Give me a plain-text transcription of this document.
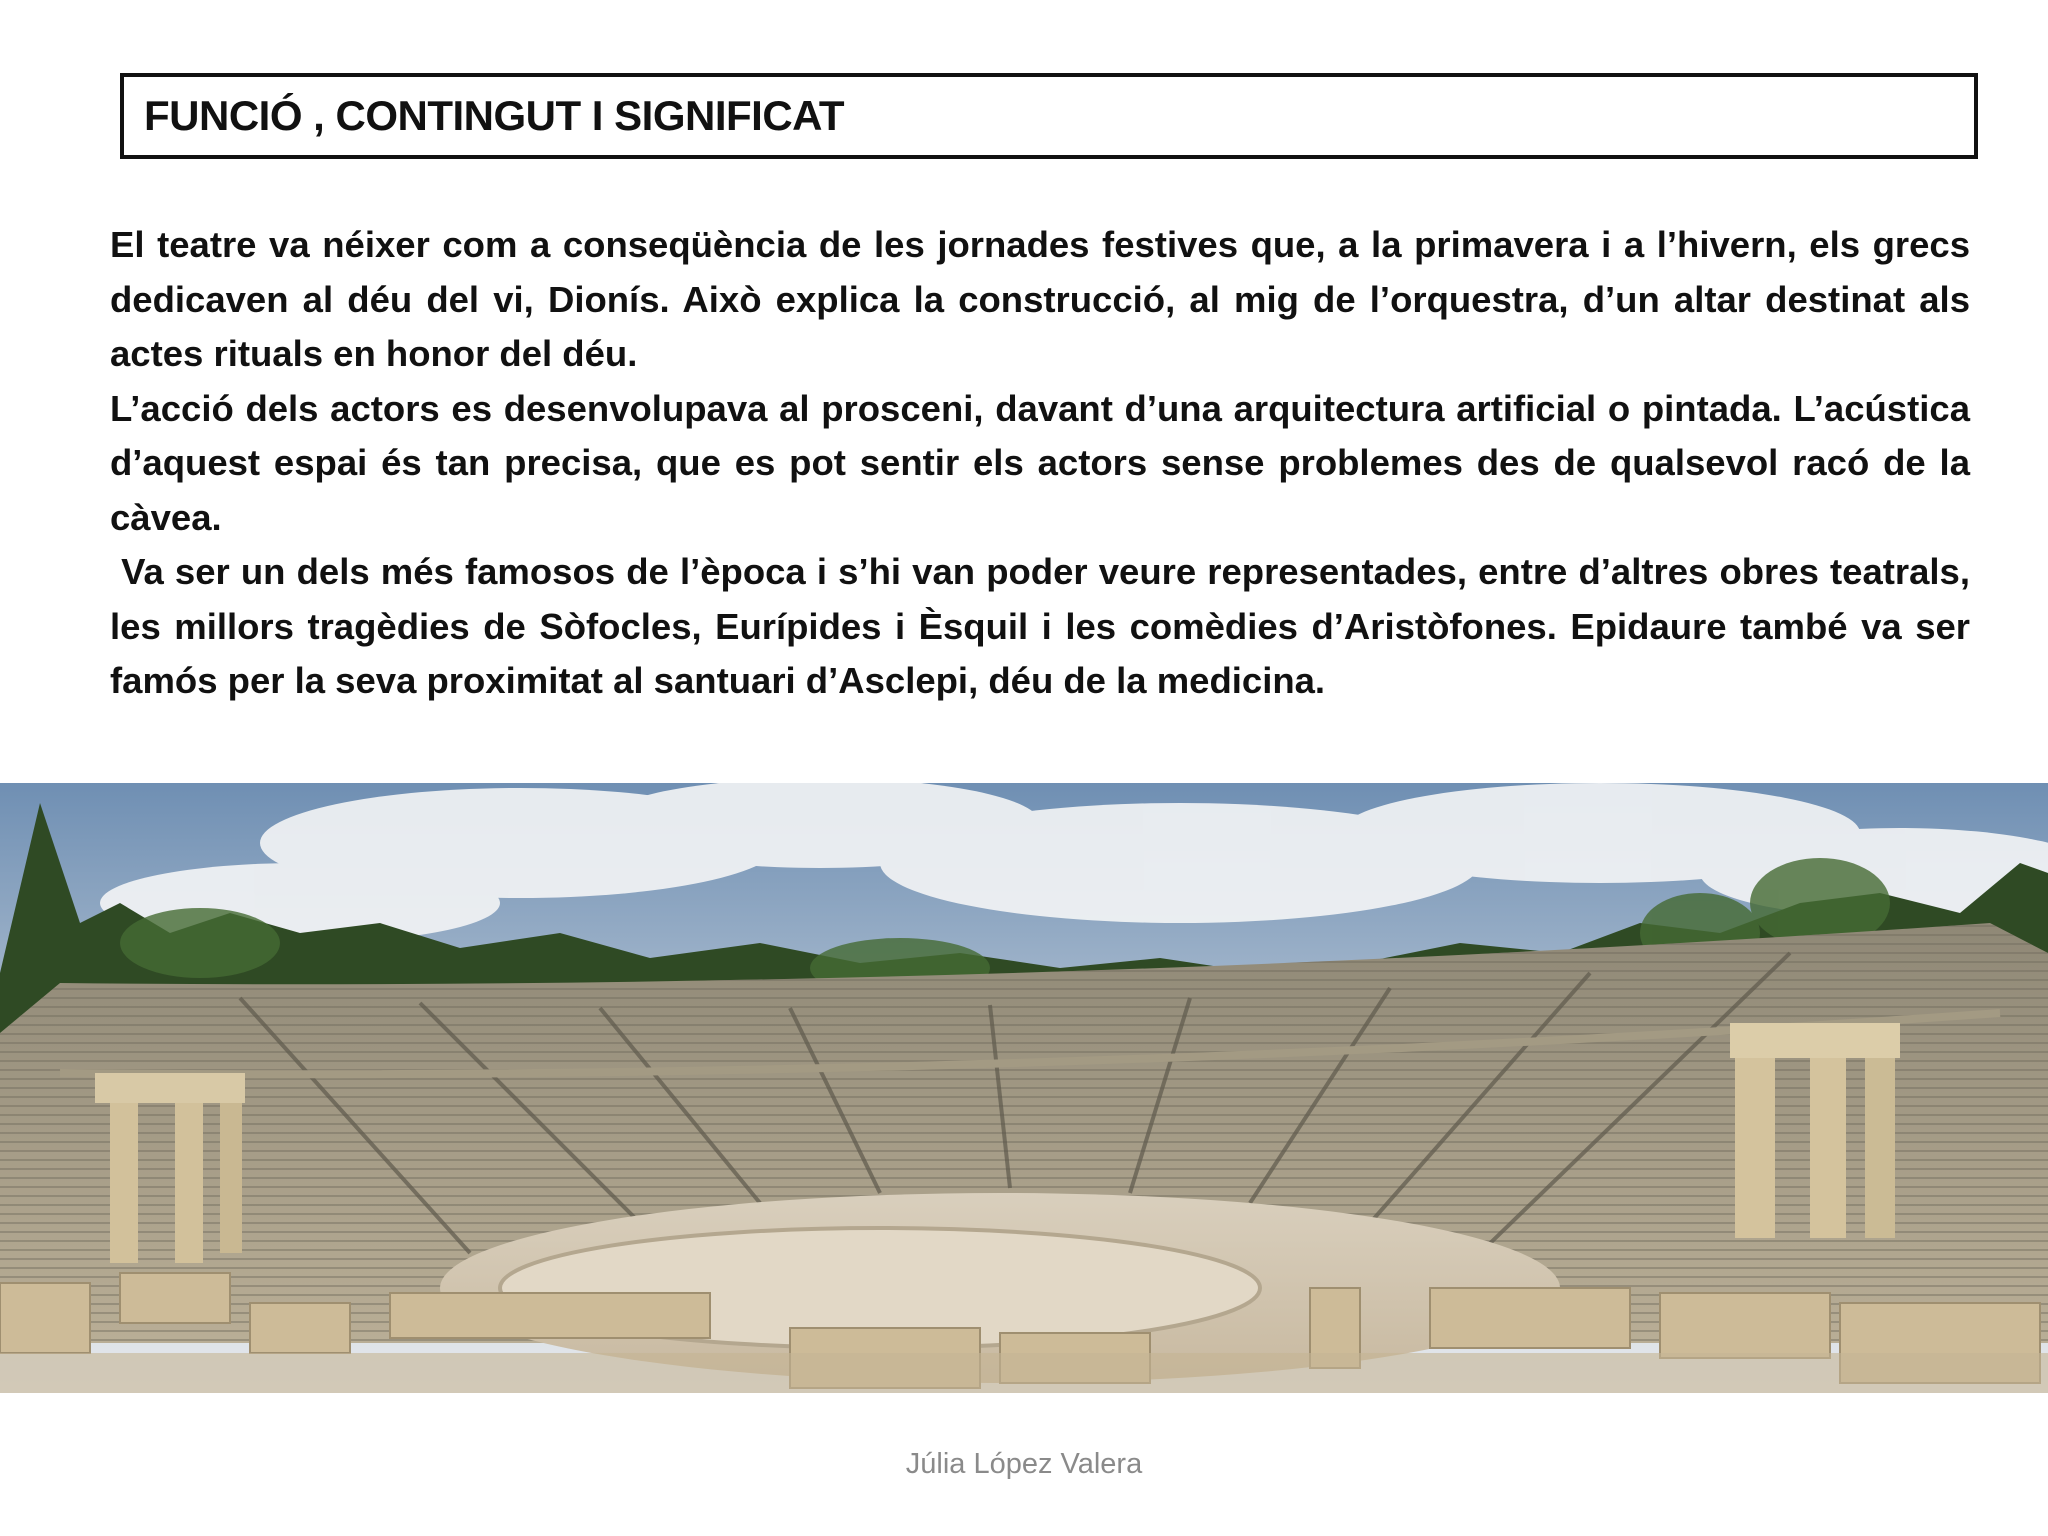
FUNCIÓ , CONTINGUT I SIGNIFICAT

El teatre va néixer com a conseqüència de les jornades festives que, a la primavera i a l’hivern, els grecs dedicaven al déu del vi, Dionís. Això explica la construcció, al mig de l’orquestra, d’un altar destinat als actes rituals en honor del déu.

L’acció dels actors es desenvolupava al prosceni, davant d’una arquitectura artificial o pintada. L’acústica d’aquest espai és tan precisa, que es pot sentir els actors sense problemes des de qualsevol racó de la càvea.

Va ser un dels més famosos de l’època i s’hi van poder veure representades, entre d’altres obres teatrals, les millors tragèdies de Sòfocles, Eurípides i Èsquil i les comèdies d’Aristòfones. Epidaure també va ser famós per la seva proximitat al santuari d’Asclepi, déu de la medicina.

Júlia López Valera
